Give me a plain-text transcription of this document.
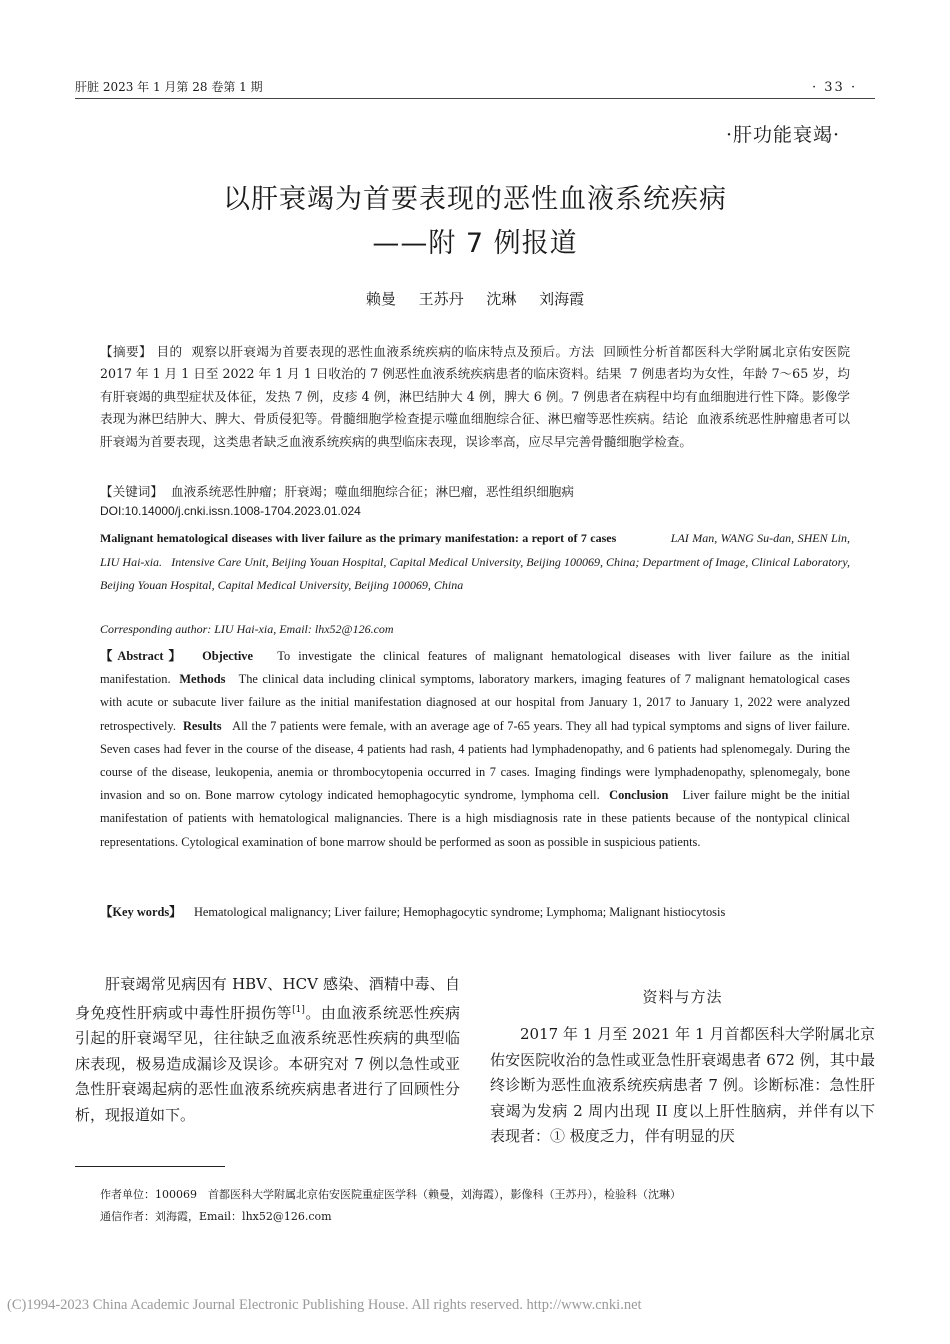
肝脏 2023 年 1 月第 28 卷第 1 期	· 33 ·
·肝功能衰竭·
以肝衰竭为首要表现的恶性血液系统疾病
——附 7 例报道
赖曼 王苏丹 沈琳 刘海霞
【摘要】 目的 观察以肝衰竭为首要表现的恶性血液系统疾病的临床特点及预后。方法 回顾性分析首都医科大学附属北京佑安医院 2017 年 1 月 1 日至 2022 年 1 月 1 日收治的 7 例恶性血液系统疾病患者的临床资料。结果 7 例患者均为女性，年龄 7～65 岁，均有肝衰竭的典型症状及体征，发热 7 例，皮疹 4 例，淋巴结肿大 4 例，脾大 6 例。7 例患者在病程中均有血细胞进行性下降。影像学表现为淋巴结肿大、脾大、骨质侵犯等。骨髓细胞学检查提示噬血细胞综合征、淋巴瘤等恶性疾病。结论 血液系统恶性肿瘤患者可以肝衰竭为首要表现，这类患者缺乏血液系统疾病的典型临床表现，误诊率高，应尽早完善骨髓细胞学检查。
【关键词】 血液系统恶性肿瘤；肝衰竭；噬血细胞综合征；淋巴瘤，恶性组织细胞病
DOI:10.14000/j.cnki.issn.1008-1704.2023.01.024
Malignant hematological diseases with liver failure as the primary manifestation: a report of 7 cases	LAI Man, WANG Su-dan, SHEN Lin, LIU Hai-xia. Intensive Care Unit, Beijing Youan Hospital, Capital Medical University, Beijing 100069, China; Department of Image, Clinical Laboratory, Beijing Youan Hospital, Capital Medical University, Beijing 100069, China
Corresponding author: LIU Hai-xia, Email: lhx52@126.com
【Abstract】 Objective To investigate the clinical features of malignant hematological diseases with liver failure as the initial manifestation. Methods The clinical data including clinical symptoms, laboratory markers, imaging features of 7 malignant hematological cases with acute or subacute liver failure as the initial manifestation diagnosed at our hospital from January 1, 2017 to January 1, 2022 were analyzed retrospectively. Results All the 7 patients were female, with an average age of 7-65 years. They all had typical symptoms and signs of liver failure. Seven cases had fever in the course of the disease, 4 patients had rash, 4 patients had lymphadenopathy, and 6 patients had splenomegaly. During the course of the disease, leukopenia, anemia or thrombocytopenia occurred in 7 cases. Imaging findings were lymphadenopathy, splenomegaly, bone invasion and so on. Bone marrow cytology indicated hemophagocytic syndrome, lymphoma cell. Conclusion Liver failure might be the initial manifestation of patients with hematological malignancies. There is a high misdiagnosis rate in these patients because of the nontypical clinical representations. Cytological examination of bone marrow should be performed as soon as possible in suspicious patients.
【Key words】 Hematological malignancy; Liver failure; Hemophagocytic syndrome; Lymphoma; Malignant histiocytosis
肝衰竭常见病因有 HBV、HCV 感染、酒精中毒、自身免疫性肝病或中毒性肝损伤等[1]。由血液系统恶性疾病引起的肝衰竭罕见，往往缺乏血液系统恶性疾病的典型临床表现，极易造成漏诊及误诊。本研究对 7 例以急性或亚急性肝衰竭起病的恶性血液系统疾病患者进行了回顾性分析，现报道如下。
资料与方法
2017 年 1 月至 2021 年 1 月首都医科大学附属北京佑安医院收治的急性或亚急性肝衰竭患者 672 例，其中最终诊断为恶性血液系统疾病患者 7 例。诊断标准：急性肝衰竭为发病 2 周内出现 II 度以上肝性脑病，并伴有以下表现者：① 极度乏力，伴有明显的厌
作者单位：100069　首都医科大学附属北京佑安医院重症医学科（赖曼，刘海霞），影像科（王苏丹），检验科（沈琳）
通信作者：刘海霞，Email：lhx52@126.com
(C)1994-2023 China Academic Journal Electronic Publishing House. All rights reserved. http://www.cnki.net
